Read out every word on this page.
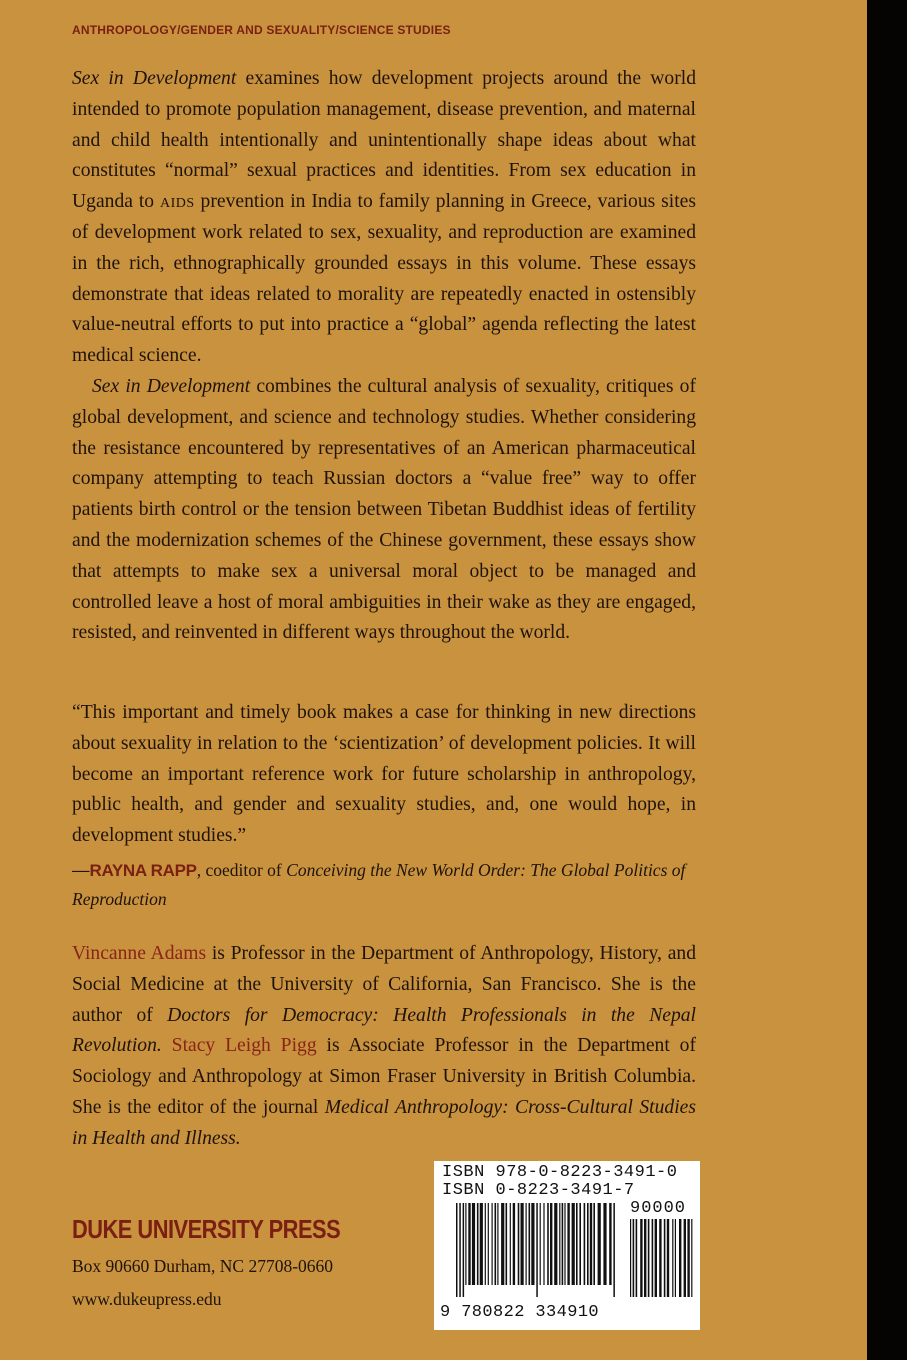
ANTHROPOLOGY/GENDER AND SEXUALITY/SCIENCE STUDIES

Sex in Development examines how development projects around the world intended to promote population management, disease prevention, and maternal and child health intentionally and unintentionally shape ideas about what constitutes “normal” sexual practices and identities. From sex education in Uganda to aids prevention in India to family planning in Greece, various sites of development work related to sex, sexuality, and reproduction are examined in the rich, ethnographically grounded essays in this volume. These essays demonstrate that ideas related to morality are repeatedly enacted in ostensibly value-neutral efforts to put into practice a “global” agenda reflecting the latest medical science.

Sex in Development combines the cultural analysis of sexuality, critiques of global development, and science and technology studies. Whether considering the resistance encountered by representatives of an American pharmaceutical company attempting to teach Russian doctors a “value free” way to offer patients birth control or the tension between Tibetan Buddhist ideas of fertility and the modernization schemes of the Chinese government, these essays show that attempts to make sex a universal moral object to be managed and controlled leave a host of moral ambiguities in their wake as they are engaged, resisted, and reinvented in different ways throughout the world.

“This important and timely book makes a case for thinking in new directions about sexuality in relation to the ‘scientization’ of development policies. It will become an important reference work for future scholarship in anthropology, public health, and gender and sexuality studies, and, one would hope, in development studies.”

—RAYNA RAPP, coeditor of Conceiving the New World Order: The Global Politics of Reproduction

Vincanne Adams is Professor in the Department of Anthropology, History, and Social Medicine at the University of California, San Francisco. She is the author of Doctors for Democracy: Health Professionals in the Nepal Revolution. Stacy Leigh Pigg is Associate Professor in the Department of Sociology and Anthropology at Simon Fraser University in British Columbia. She is the editor of the journal Medical Anthropology: Cross-Cultural Studies in Health and Illness.

DUKE UNIVERSITY PRESS
Box 90660 Durham, NC 27708-0660
www.dukeupress.edu
ISBN 978-0-8223-3491-0
ISBN 0-8223-3491-7
90000
9 780822 334910
